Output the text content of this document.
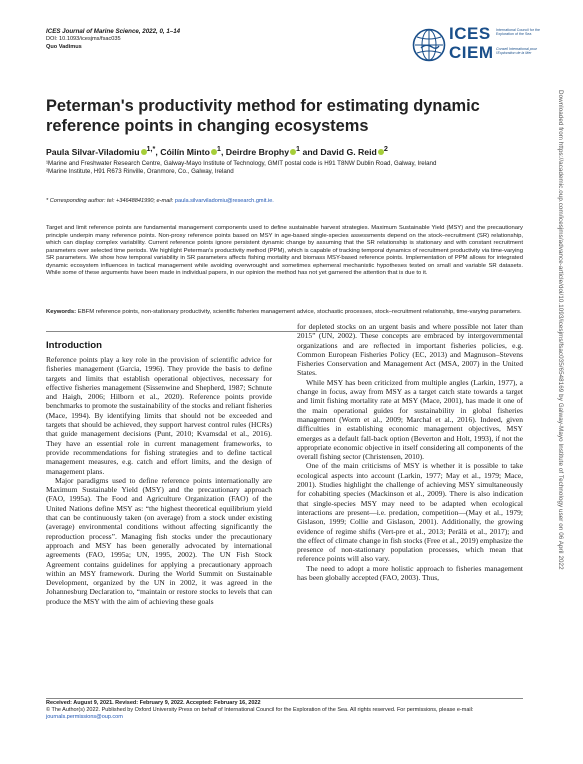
ICES Journal of Marine Science, 2022, 0, 1–14
DOI: 10.1093/icesjms/fsac035
Quo Vadimus
ICES
CIEM
International Council for the Exploration of the Sea
Conseil International pour l'Exploration de la Mer
Peterman's productivity method for estimating dynamic reference points in changing ecosystems
Paula Silvar-Viladomiu $^{1,*}$, Cóilín Minto $^1$, Deirdre Brophy $^1$ and David G. Reid $^2$

¹Marine and Freshwater Research Centre, Galway-Mayo Institute of Technology, GMIT postal code is H91 T8NW Dublin Road, Galway, Ireland

²Marine Institute, H91 R673 Rinville, Oranmore, Co., Galway, Ireland

* Corresponding author: tel: +34648841990; e-mail: paula.silvarviladomiu@research.gmit.ie.
Target and limit reference points are fundamental management components used to define sustainable harvest strategies. Maximum Sustainable Yield (MSY) and the precautionary principle underpin many reference points. Non-proxy reference points based on MSY in age-based single-species assessments depend on the stock–recruitment (SR) relationship, which can display complex variability. Current reference points ignore persistent dynamic change by assuming that the SR relationship is stationary and with constant recruitment parameters over selected time periods. We highlight Peterman's productivity method (PPM), which is capable of tracking temporal dynamics of recruitment productivity via time-varying SR parameters. We show how temporal variability in SR parameters affects fishing mortality and biomass MSY-based reference points. Implementation of PPM allows for integrated dynamic ecosystem influences in tactical management while avoiding overwrought and sometimes ephemeral mechanistic hypotheses tested on small and variable SR datasets. While some of these arguments have been made in individual papers, in our opinion the method has not yet garnered the attention that is due to it.
Keywords: EBFM reference points, non-stationary productivity, scientific fisheries management advice, stochastic processes, stock–recruitment relationship, time-varying parameters.
Introduction

Reference points play a key role in the provision of scientific advice for fisheries management (Garcia, 1996). They provide the basis to define targets and limits that establish operational objectives, necessary for effective fisheries management (Sissenwine and Shepherd, 1987; Schnute and Haigh, 2006; Hilborn et al., 2020). Reference points provide benchmarks to promote the sustainability of the stocks and reliant fisheries (Mace, 1994). By identifying limits that should not be exceeded and targets that should be achieved, they support harvest control rules (HCRs) that guide management decisions (Punt, 2010; Kvamsdal et al., 2016). They have an essential role in current management frameworks, to provide recommendations for fishing strategies and to define tactical management measures, e.g. catch and effort limits, and the design of management plans.

Major paradigms used to define reference points internationally are Maximum Sustainable Yield (MSY) and the precautionary approach (FAO, 1995a). The Food and Agriculture Organization (FAO) of the United Nations define MSY as: “the highest theoretical equilibrium yield that can be continuously taken (on average) from a stock under existing (average) environmental conditions without affecting significantly the reproduction process”. Managing fish stocks under the precautionary approach and MSY has been generally advocated by international agreements (FAO, 1995a; UN, 1995, 2002). The UN Fish Stock Agreement contains guidelines for applying a precautionary approach within an MSY framework. During the World Summit on Sustainable Development, organized by the UN in 2002, it was agreed in the Johannesburg Declaration to, “maintain or restore stocks to levels that can produce the MSY with the aim of achieving these goals

for depleted stocks on an urgent basis and where possible not later than 2015” (UN, 2002). These concepts are embraced by intergovernmental organizations and are reflected in important fisheries policies, e.g. Common European Fisheries Policy (EC, 2013) and Magnuson–Stevens Fisheries Conservation and Management Act (MSA, 2007) in the United States.

While MSY has been criticized from multiple angles (Larkin, 1977), a change in focus, away from MSY as a target catch state towards a target and limit fishing mortality rate at MSY (Mace, 2001), has made it one of the main operational guides for sustainability in global fisheries management (Worm et al., 2009; Marchal et al., 2016). Indeed, given difficulties in establishing economic management objectives, MSY emerges as a default fall-back option (Beverton and Holt, 1993), if not the appropriate economic objective in itself considering all components of the overall fishing sector (Christensen, 2010).

One of the main criticisms of MSY is whether it is possible to take ecological aspects into account (Larkin, 1977; May et al., 1979; Mace, 2001). Studies highlight the challenge of achieving MSY simultaneously for cohabiting species (Mackinson et al., 2009). There is also indication that single-species MSY may need to be adapted when ecological interactions are present—i.e. predation, competition—(May et al., 1979; Gislason, 1999; Collie and Gislason, 2001). Additionally, the growing evidence of regime shifts (Vert-pre et al., 2013; Perälä et al., 2017); and the effect of climate change in fish stocks (Free et al., 2019) emphasize the presence of non-stationary population processes, which mean that reference points will also vary.

The need to adopt a more holistic approach to fisheries management has been globally accepted (FAO, 2003). Thus,

Received: August 9, 2021. Revised: February 9, 2022. Accepted: February 16, 2022
© The Author(s) 2022. Published by Oxford University Press on behalf of International Council for the Exploration of the Sea. All rights reserved. For permissions, please e-mail: journals.permissions@oup.com
Downloaded from https://academic.oup.com/icesjms/advance-article/doi/10.1093/icesjms/fsac035/6548169 by Galway-Mayo Institute of Technology user on 06 April 2022
